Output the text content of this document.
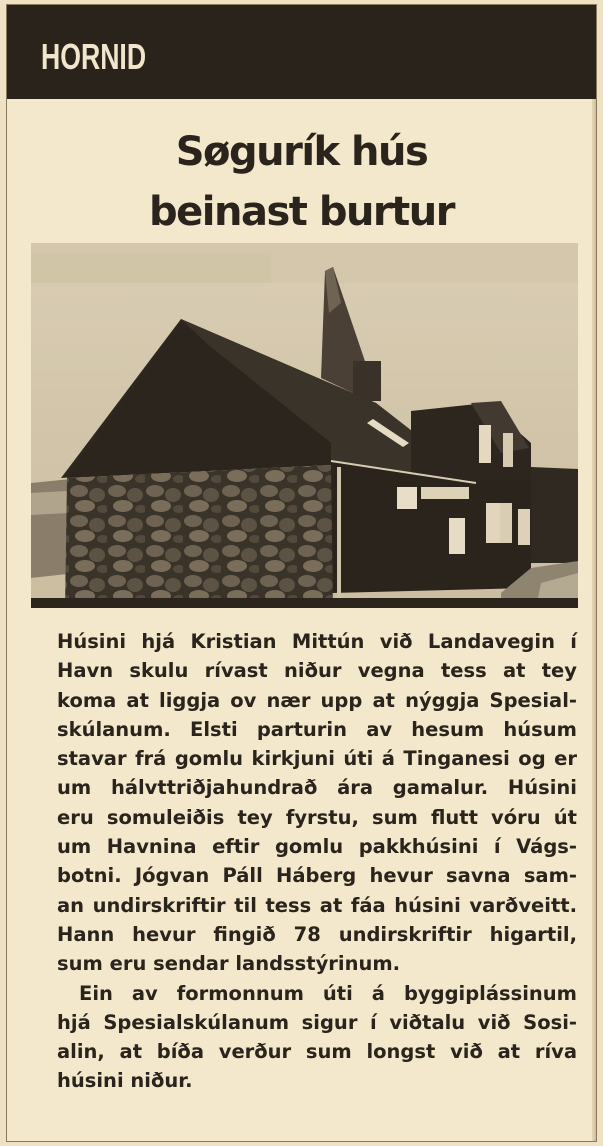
HORNID
Søgurík hús
beinast burtur
Húsini hjá Kristian Mittún við Landavegin í
Havn skulu rívast niður vegna tess at tey
koma at liggja ov nær upp at nýggja Spesial-
skúlanum. Elsti parturin av hesum húsum
stavar frá gomlu kirkjuni úti á Tinganesi og er
um hálvttriðjahundrað ára gamalur. Húsini
eru somuleiðis tey fyrstu, sum flutt vóru út
um Havnina eftir gomlu pakkhúsini í Vágs-
botni. Jógvan Páll Háberg hevur savna sam-
an undirskriftir til tess at fáa húsini varðveitt.
Hann hevur fingið 78 undirskriftir higartil,
sum eru sendar landsstýrinum.
Ein av formonnum úti á byggiplássinum
hjá Spesialskúlanum sigur í viðtalu við Sosi-
alin, at bíða verður sum longst við at ríva
húsini niður.
